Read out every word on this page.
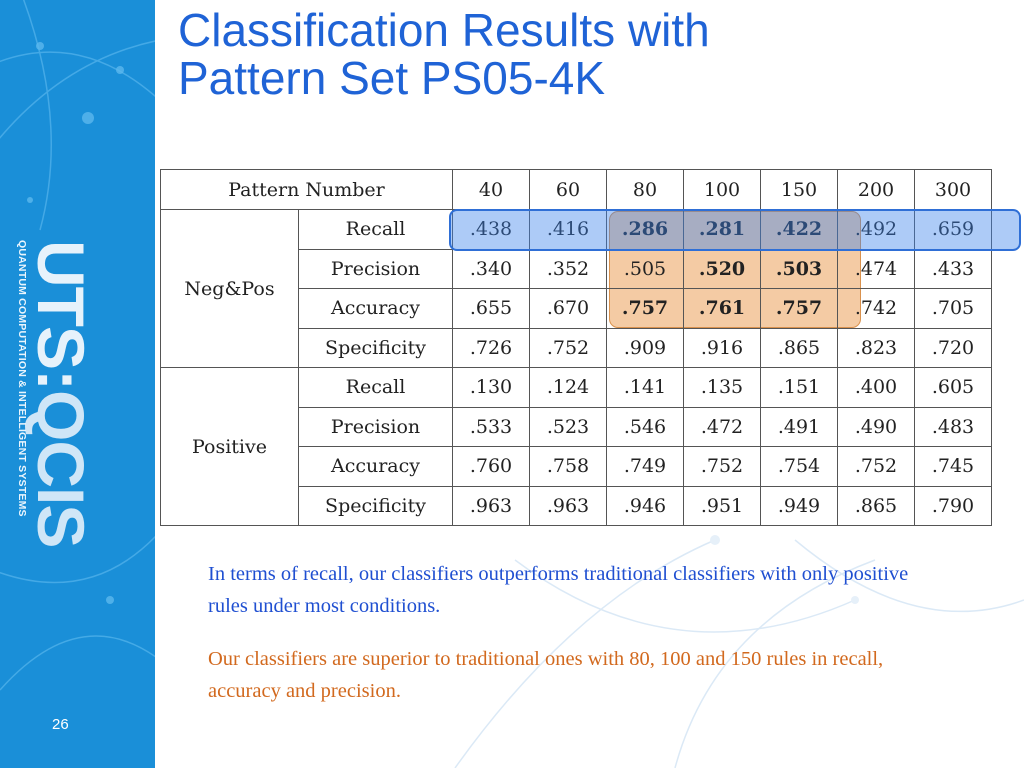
UTS:QCIS
QUANTUM COMPUTATION & INTELLIGENT SYSTEMS
26
Classification Results with
Pattern Set PS05-4K
Pattern Number		40	60	80	100	150	200	300
Neg&Pos	Recall	.438	.416	.286	.281	.422	.492	.659
	Precision	.340	.352	.505	.520	.503	.474	.433
	Accuracy	.655	.670	.757	.761	.757	.742	.705
	Specificity	.726	.752	.909	.916	.865	.823	.720
Positive	Recall	.130	.124	.141	.135	.151	.400	.605
	Precision	.533	.523	.546	.472	.491	.490	.483
	Accuracy	.760	.758	.749	.752	.754	.752	.745
	Specificity	.963	.963	.946	.951	.949	.865	.790
In terms of recall, our classifiers outperforms traditional classifiers with only positive rules under most conditions.
Our classifiers are superior to traditional ones with 80, 100 and 150 rules in recall, accuracy and precision.
